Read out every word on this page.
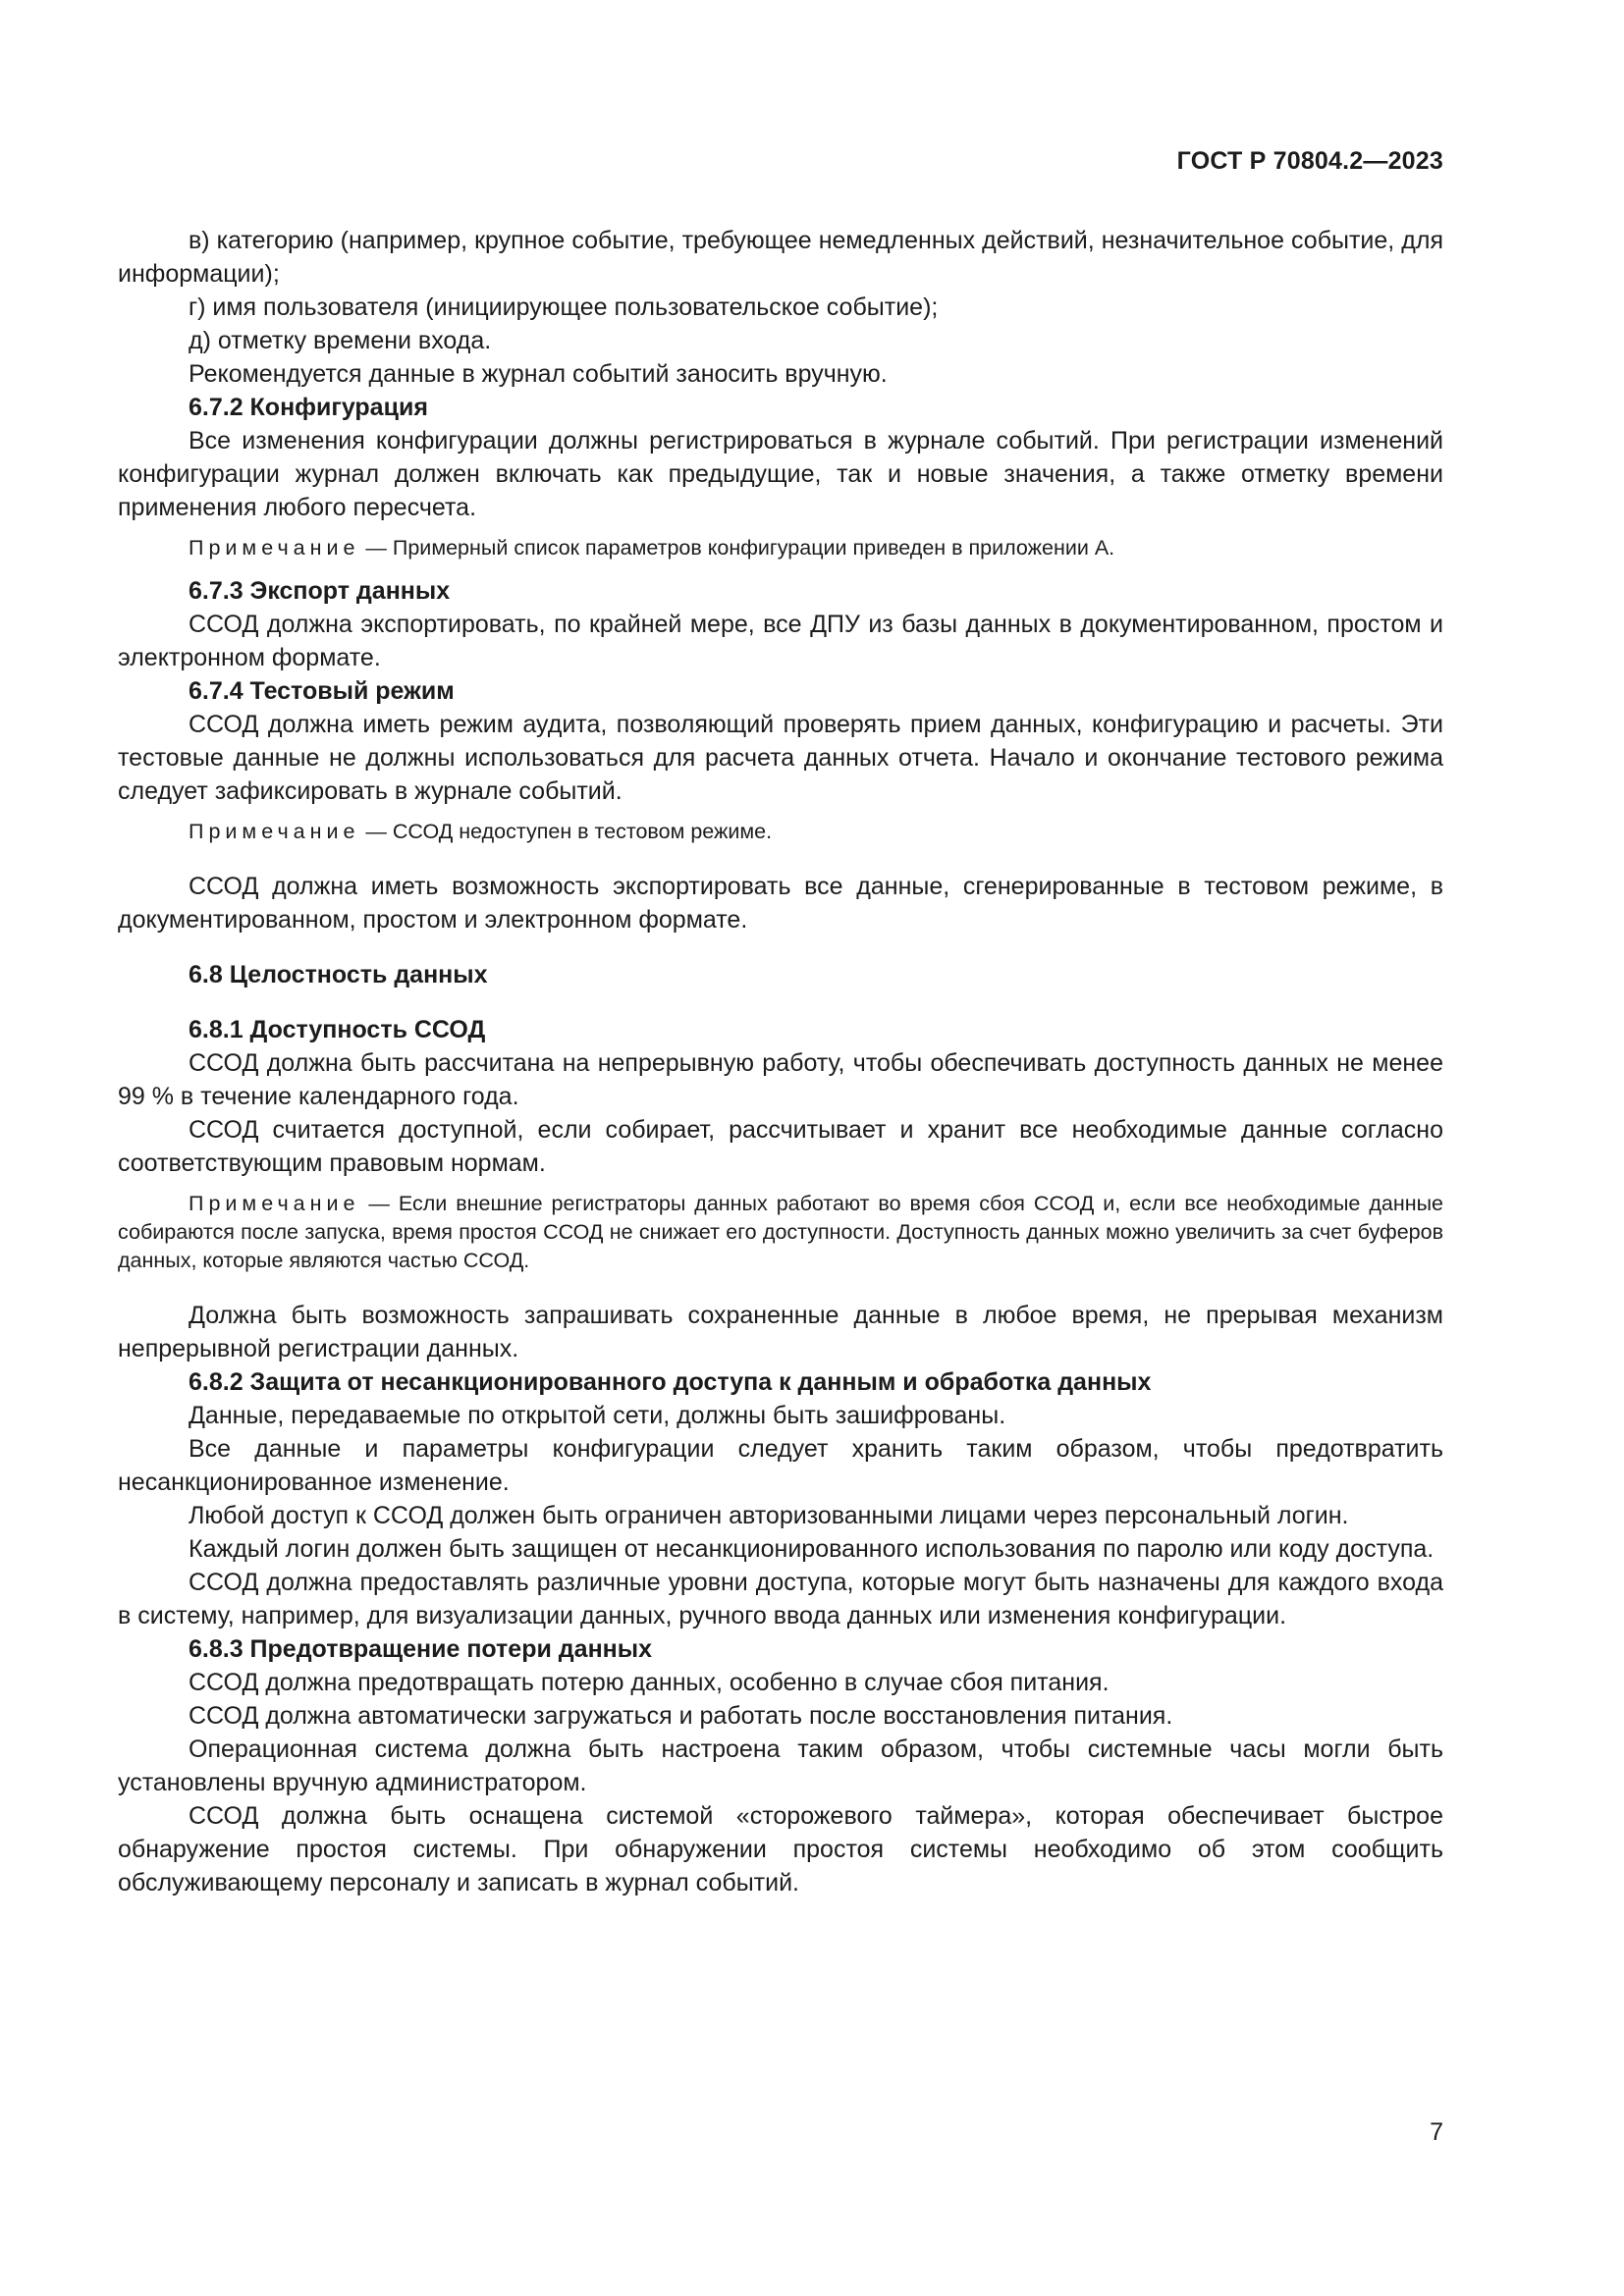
ГОСТ Р 70804.2—2023

в) категорию (например, крупное событие, требующее немедленных действий, незначительное событие, для информации);

г) имя пользователя (инициирующее пользовательское событие);

д) отметку времени входа.

Рекомендуется данные в журнал событий заносить вручную.

6.7.2 Конфигурация

Все изменения конфигурации должны регистрироваться в журнале событий. При регистрации изменений конфигурации журнал должен включать как предыдущие, так и новые значения, а также отметку времени применения любого пересчета.

Примечание — Примерный список параметров конфигурации приведен в приложении А.
6.7.3 Экспорт данных

ССОД должна экспортировать, по крайней мере, все ДПУ из базы данных в документированном, простом и электронном формате.

6.7.4 Тестовый режим

ССОД должна иметь режим аудита, позволяющий проверять прием данных, конфигурацию и расчеты. Эти тестовые данные не должны использоваться для расчета данных отчета. Начало и окончание тестового режима следует зафиксировать в журнале событий.

Примечание — ССОД недоступен в тестовом режиме.

ССОД должна иметь возможность экспортировать все данные, сгенерированные в тестовом режиме, в документированном, простом и электронном формате.

6.8 Целостность данных
6.8.1 Доступность ССОД

ССОД должна быть рассчитана на непрерывную работу, чтобы обеспечивать доступность данных не менее 99 % в течение календарного года.

ССОД считается доступной, если собирает, рассчитывает и хранит все необходимые данные согласно соответствующим правовым нормам.

Примечание — Если внешние регистраторы данных работают во время сбоя ССОД и, если все необходимые данные собираются после запуска, время простоя ССОД не снижает его доступности. Доступность данных можно увеличить за счет буферов данных, которые являются частью ССОД.

Должна быть возможность запрашивать сохраненные данные в любое время, не прерывая механизм непрерывной регистрации данных.

6.8.2 Защита от несанкционированного доступа к данным и обработка данных

Данные, передаваемые по открытой сети, должны быть зашифрованы.

Все данные и параметры конфигурации следует хранить таким образом, чтобы предотвратить несанкционированное изменение.

Любой доступ к ССОД должен быть ограничен авторизованными лицами через персональный логин.

Каждый логин должен быть защищен от несанкционированного использования по паролю или коду доступа.

ССОД должна предоставлять различные уровни доступа, которые могут быть назначены для каждого входа в систему, например, для визуализации данных, ручного ввода данных или изменения конфигурации.

6.8.3 Предотвращение потери данных

ССОД должна предотвращать потерю данных, особенно в случае сбоя питания.

ССОД должна автоматически загружаться и работать после восстановления питания.

Операционная система должна быть настроена таким образом, чтобы системные часы могли быть установлены вручную администратором.

ССОД должна быть оснащена системой «сторожевого таймера», которая обеспечивает быстрое обнаружение простоя системы. При обнаружении простоя системы необходимо об этом сообщить обслуживающему персоналу и записать в журнал событий.

7
